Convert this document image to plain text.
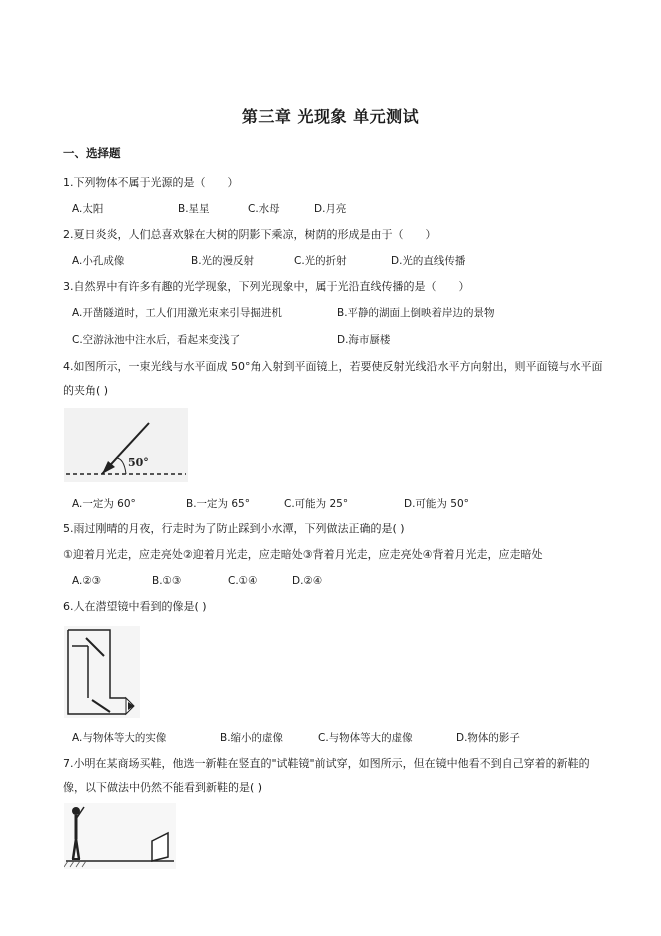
第三章 光现象 单元测试
一、选择题
1.下列物体不属于光源的是（　　）
A.太阳	B.星星	C.水母	D.月亮
2.夏日炎炎，人们总喜欢躲在大树的阴影下乘凉，树荫的形成是由于（　　）
A.小孔成像	B.光的漫反射	C.光的折射	D.光的直线传播
3.自然界中有许多有趣的光学现象，下列光现象中，属于光沿直线传播的是（　　）
A.开凿隧道时，工人们用激光束来引导掘进机	B.平静的湖面上倒映着岸边的景物
C.空游泳池中注水后，看起来变浅了	D.海市蜃楼
4.如图所示，一束光线与水平面成 50°角入射到平面镜上，若要使反射光线沿水平方向射出，则平面镜与水平面的夹角( )
50°
A.一定为 60°	B.一定为 65°	C.可能为 25°	D.可能为 50°
5.雨过刚晴的月夜，行走时为了防止踩到小水潭，下列做法正确的是( )
①迎着月光走，应走亮处②迎着月光走，应走暗处③背着月光走，应走亮处④背着月光走，应走暗处
A.②③	B.①③	C.①④	D.②④
6.人在潜望镜中看到的像是( )
A.与物体等大的实像	B.缩小的虚像	C.与物体等大的虚像	D.物体的影子
7.小明在某商场买鞋，他选一新鞋在竖直的"试鞋镜"前试穿，如图所示，但在镜中他看不到自己穿着的新鞋的像，以下做法中仍然不能看到新鞋的是( )
